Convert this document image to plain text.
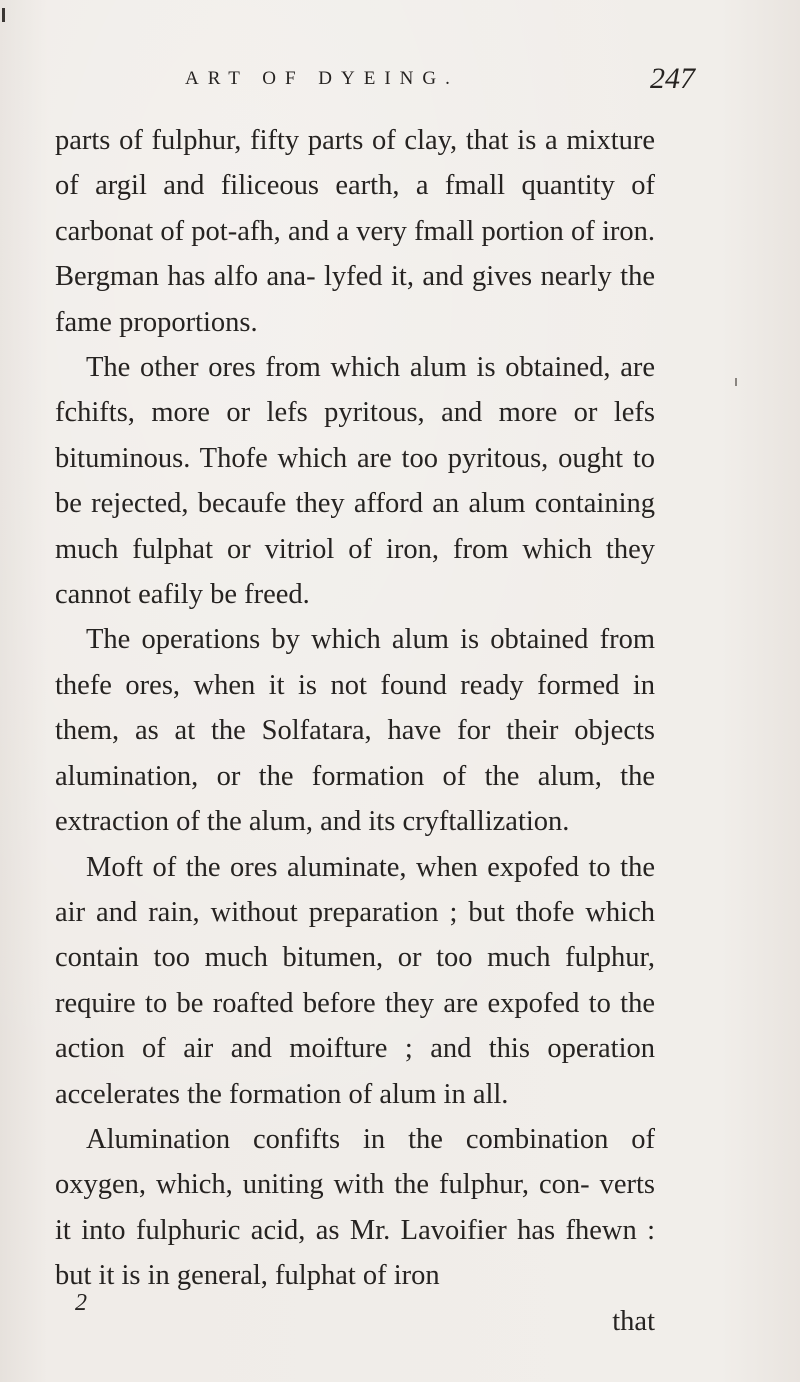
ART OF DYEING.	247

parts of fulphur, fifty parts of clay, that is a mixture of argil and filiceous earth, a fmall quantity of carbonat of pot-afh, and a very fmall portion of iron. Bergman has alfo ana- lyfed it, and gives nearly the fame proportions.

The other ores from which alum is obtained, are fchifts, more or lefs pyritous, and more or lefs bituminous. Thofe which are too pyritous, ought to be rejected, becaufe they afford an alum containing much fulphat or vitriol of iron, from which they cannot eafily be freed.

The operations by which alum is obtained from thefe ores, when it is not found ready formed in them, as at the Solfatara, have for their objects alumination, or the formation of the alum, the extraction of the alum, and its cryftallization.

Moft of the ores aluminate, when expofed to the air and rain, without preparation ; but thofe which contain too much bitumen, or too much fulphur, require to be roafted before they are expofed to the action of air and moifture ; and this operation accelerates the formation of alum in all.

Alumination confifts in the combination of oxygen, which, uniting with the fulphur, con- verts it into fulphuric acid, as Mr. Lavoifier has fhewn : but it is in general, fulphat of iron

that

2
